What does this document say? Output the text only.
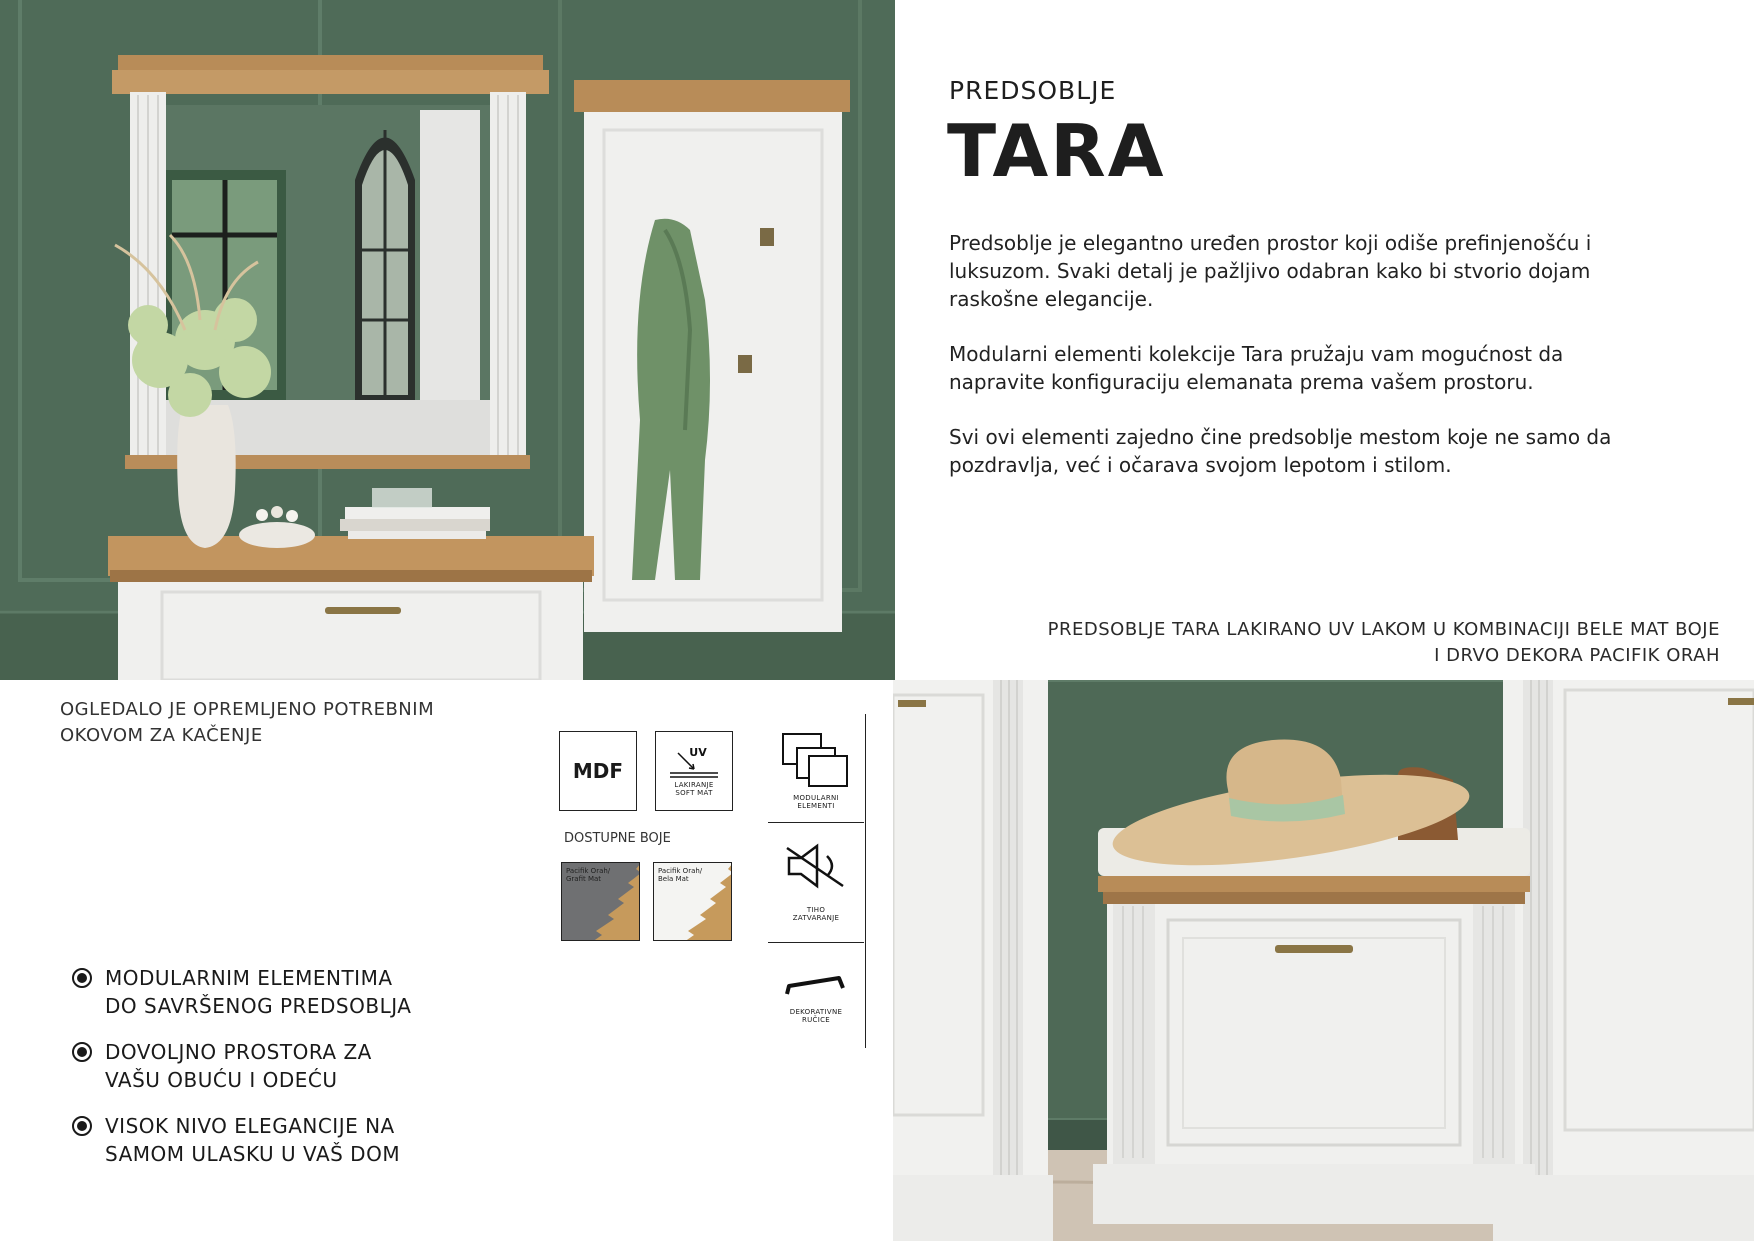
PREDSOBLJE
TARA

Predsoblje je elegantno uređen prostor koji odiše prefinjenošću i luksuzom. Svaki detalj je pažljivo odabran kako bi stvorio dojam raskošne elegancije.

Modularni elementi kolekcije Tara pružaju vam mogućnost da napravite konfiguraciju elemanata prema vašem prostoru.

Svi ovi elementi zajedno čine predsoblje mestom koje ne samo da pozdravlja, već i očarava svojom lepotom i stilom.

PREDSOBLJE TARA LAKIRANO UV LAKOM U KOMBINACIJI BELE MAT BOJE
I DRVO DEKORA PACIFIK ORAH
OGLEDALO JE OPREMLJENO POTREBNIM
OKOVOM ZA KAČENJE
MDF
UV
LAKIRANJE
SOFT MAT
DOSTUPNE BOJE
Pacifik Orah/
Grafit Mat
Pacifik Orah/
Bela Mat
MODULARNI
ELEMENTI
TIHO
ZATVARANJE
DEKORATIVNE
RUČICE
MODULARNIM ELEMENTIMA
DO SAVRŠENOG PREDSOBLJA
DOVOLJNO PROSTORA ZA
VAŠU OBUĆU I ODEĆU
VISOK NIVO ELEGANCIJE NA
SAMOM ULASKU U VAŠ DOM
